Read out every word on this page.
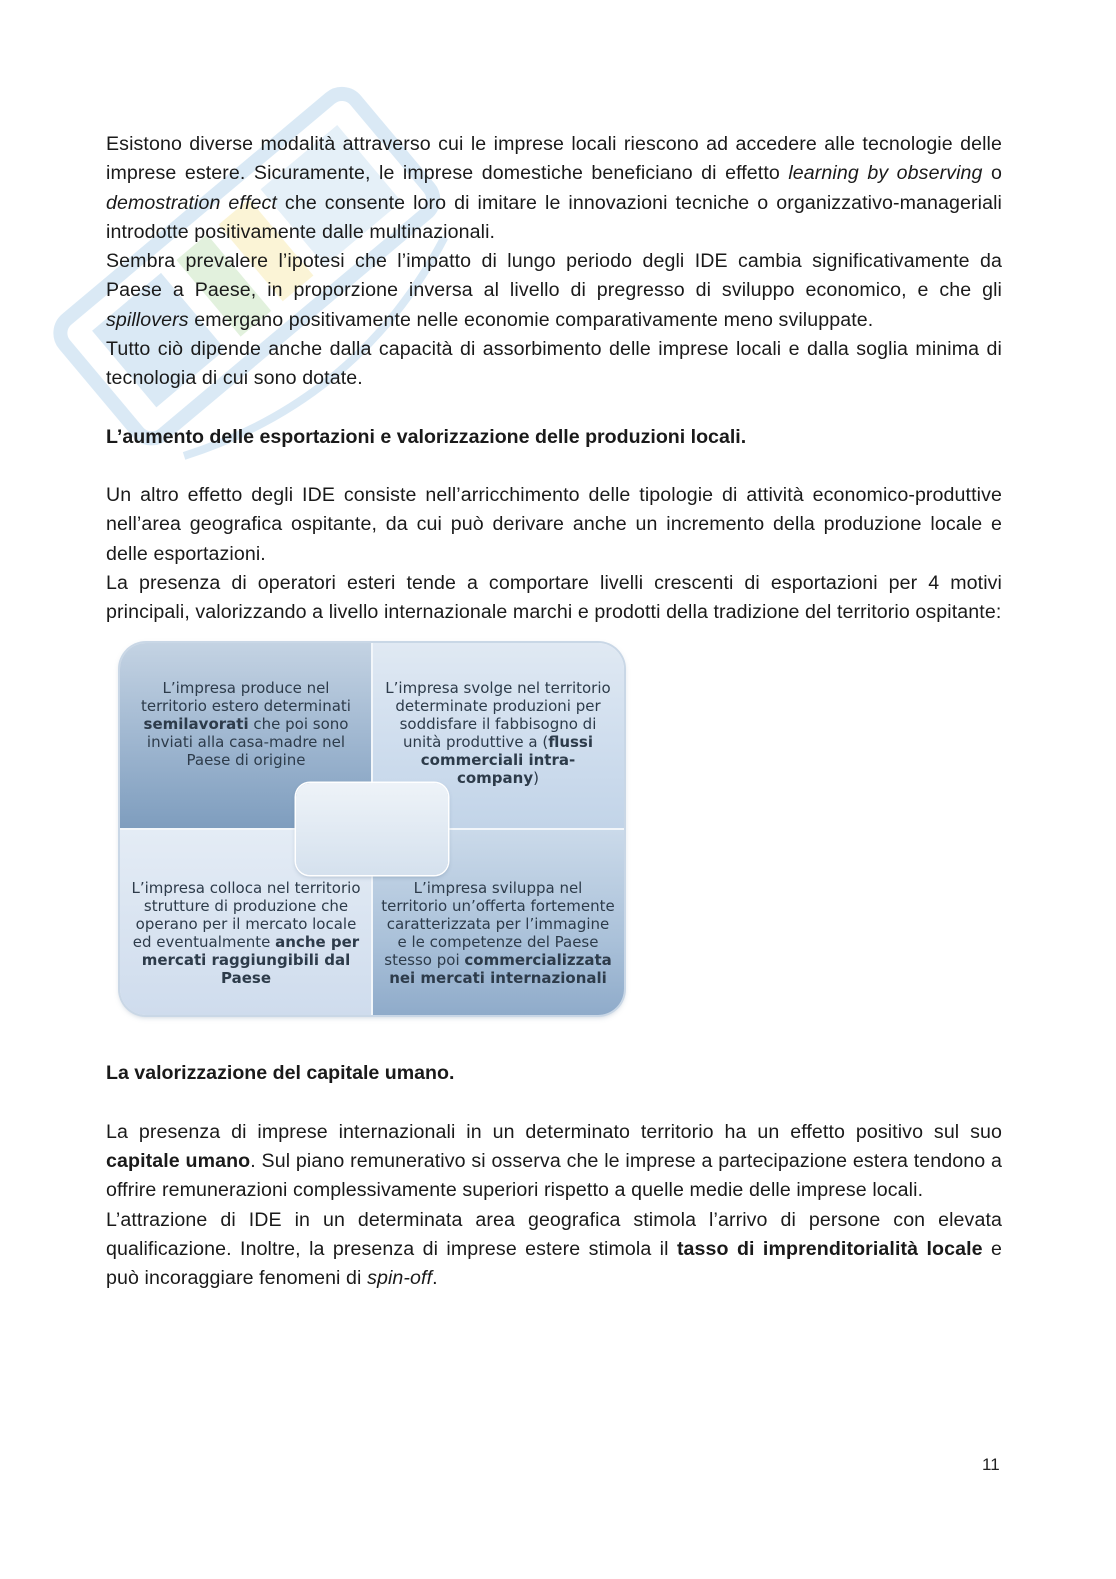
Esistono diverse modalità attraverso cui le imprese locali riescono ad accedere alle tecnologie delle imprese estere. Sicuramente, le imprese domestiche beneficiano di effetto learning by observing o demostration effect che consente loro di imitare le innovazioni tecniche o organizzativo-manageriali introdotte positivamente dalle multinazionali.

Sembra prevalere l’ipotesi che l’impatto di lungo periodo degli IDE cambia significativamente da Paese a Paese, in proporzione inversa al livello di pregresso di sviluppo economico, e che gli spillovers emergano positivamente nelle economie comparativamente meno sviluppate.

Tutto ciò dipende anche dalla capacità di assorbimento delle imprese locali e dalla soglia minima di tecnologia di cui sono dotate.

L’aumento delle esportazioni e valorizzazione delle produzioni locali.

Un altro effetto degli IDE consiste nell’arricchimento delle tipologie di attività economico-produttive nell’area geografica ospitante, da cui può derivare anche un incremento della produzione locale e delle esportazioni.

La presenza di operatori esteri tende a comportare livelli crescenti di esportazioni per 4 motivi principali, valorizzando a livello internazionale marchi e prodotti della tradizione del territorio ospitante:

L’impresa produce nel territorio estero determinati semilavorati che poi sono inviati alla casa-madre nel Paese di origine
L’impresa svolge nel territorio determinate produzioni per soddisfare il fabbisogno di unità produttive a (flussi commerciali intra-company)
L’impresa colloca nel territorio strutture di produzione che operano per il mercato locale ed eventualmente anche per mercati raggiungibili dal Paese
L’impresa sviluppa nel territorio un’offerta fortemente caratterizzata per l’immagine e le competenze del Paese stesso poi commercializzata nei mercati internazionali
La valorizzazione del capitale umano.

La presenza di imprese internazionali in un determinato territorio ha un effetto positivo sul suo capitale umano. Sul piano remunerativo si osserva che le imprese a partecipazione estera tendono a offrire remunerazioni complessivamente superiori rispetto a quelle medie delle imprese locali.

L’attrazione di IDE in un determinata area geografica stimola l’arrivo di persone con elevata qualificazione. Inoltre, la presenza di imprese estere stimola il tasso di imprenditorialità locale e può incoraggiare fenomeni di spin-off.

11
